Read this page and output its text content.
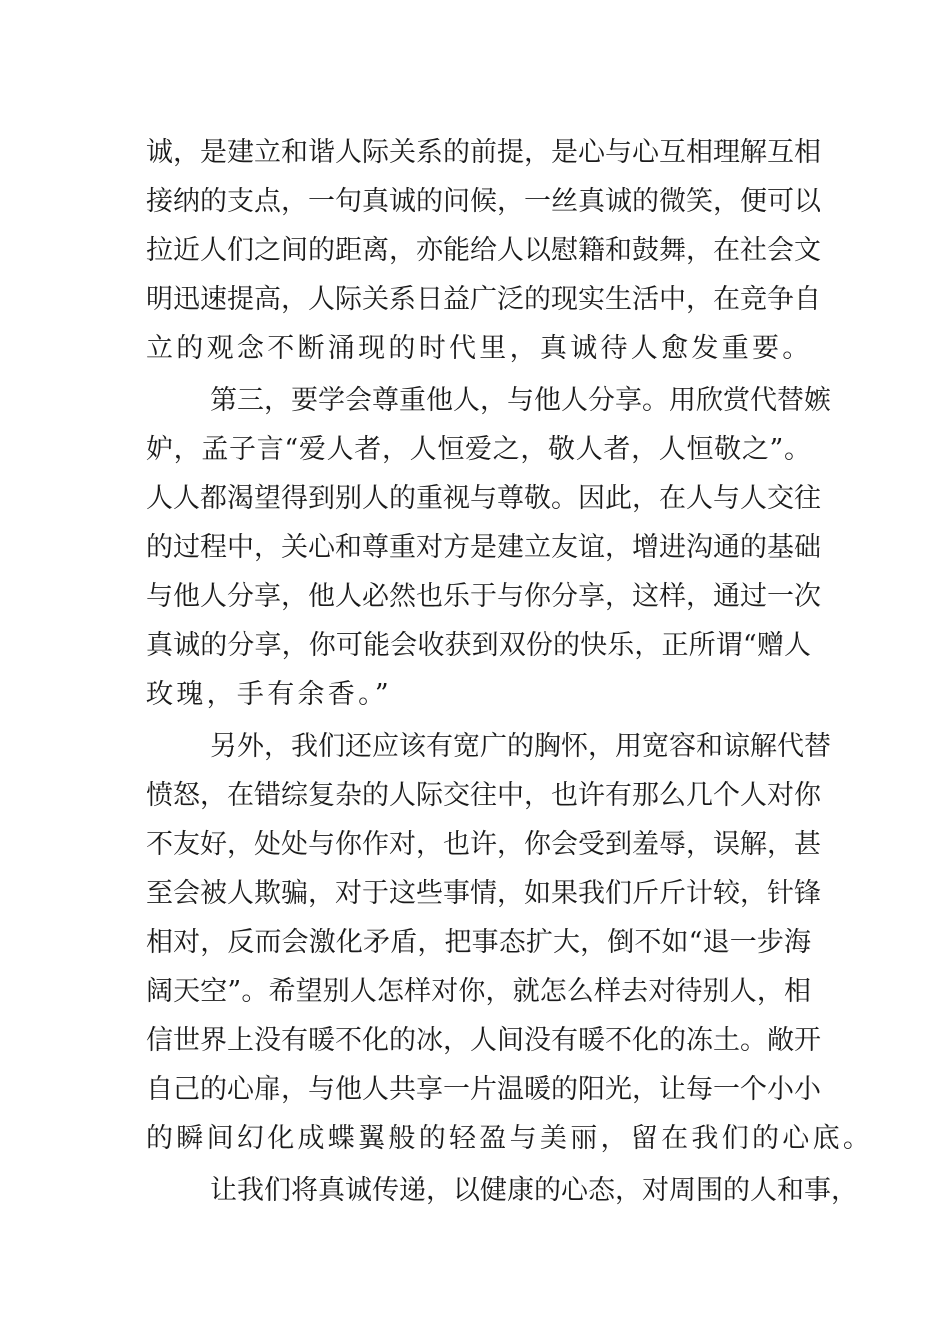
诚，是建立和谐人际关系的前提，是心与心互相理解互相
接纳的支点，一句真诚的问候，一丝真诚的微笑，便可以
拉近人们之间的距离，亦能给人以慰籍和鼓舞，在社会文
明迅速提高，人际关系日益广泛的现实生活中，在竞争自
立的观念不断涌现的时代里，真诚待人愈发重要。
第三，要学会尊重他人，与他人分享。用欣赏代替嫉
妒，孟子言“爱人者，人恒爱之，敬人者，人恒敬之”。
人人都渴望得到别人的重视与尊敬。因此，在人与人交往
的过程中，关心和尊重对方是建立友谊，增进沟通的基础
与他人分享，他人必然也乐于与你分享，这样，通过一次
真诚的分享，你可能会收获到双份的快乐，正所谓“赠人
玫瑰，手有余香。”
另外，我们还应该有宽广的胸怀，用宽容和谅解代替
愤怒，在错综复杂的人际交往中，也许有那么几个人对你
不友好，处处与你作对，也许，你会受到羞辱，误解，甚
至会被人欺骗，对于这些事情，如果我们斤斤计较，针锋
相对，反而会激化矛盾，把事态扩大，倒不如“退一步海
阔天空”。希望别人怎样对你，就怎么样去对待别人，相
信世界上没有暖不化的冰，人间没有暖不化的冻土。敞开
自己的心扉，与他人共享一片温暖的阳光，让每一个小小
的瞬间幻化成蝶翼般的轻盈与美丽，留在我们的心底。
让我们将真诚传递，以健康的心态，对周围的人和事，
